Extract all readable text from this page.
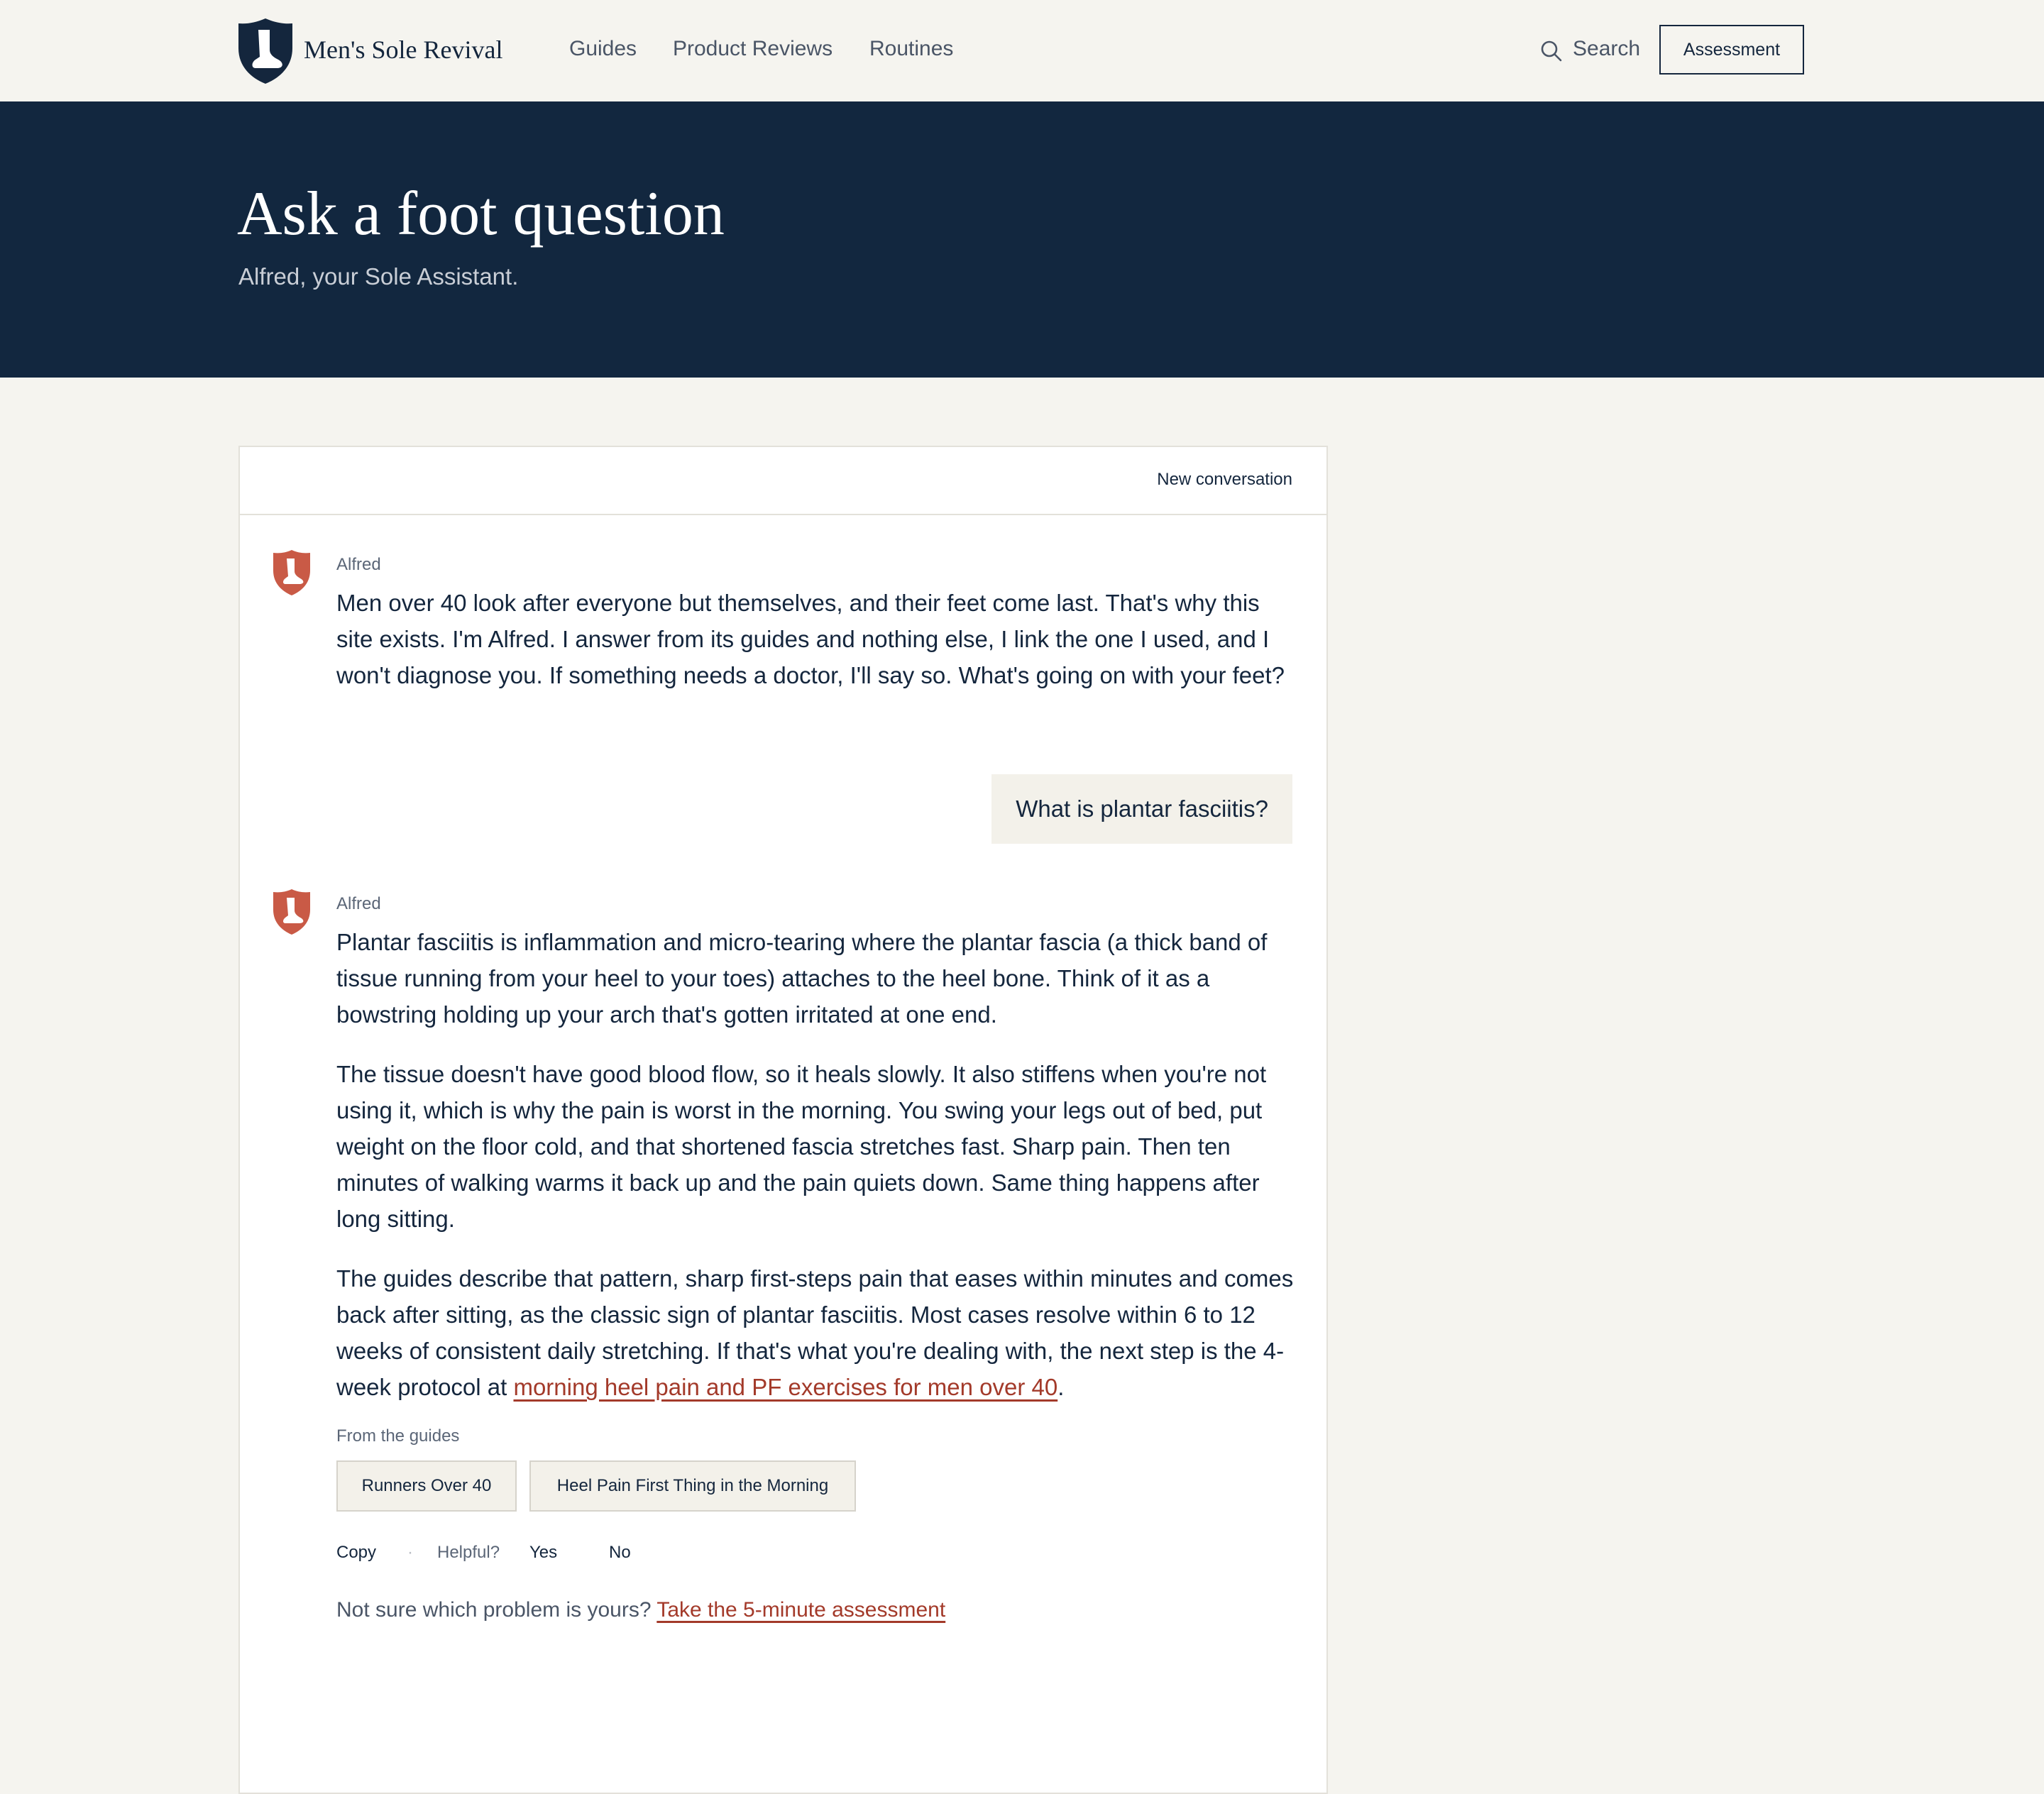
Men's Sole Revival	Guides Product Reviews Routines	Search	Assessment
Ask a foot question
Alfred, your Sole Assistant.
New conversation
Alfred

Men over 40 look after everyone but themselves, and their feet come last. That's why this site exists. I'm Alfred. I answer from its guides and nothing else, I link the one I used, and I won't diagnose you. If something needs a doctor, I'll say so. What's going on with your feet?

What is plantar fasciitis?
Alfred

Plantar fasciitis is inflammation and micro-tearing where the plantar fascia (a thick band of tissue running from your heel to your toes) attaches to the heel bone. Think of it as a bowstring holding up your arch that's gotten irritated at one end.

The tissue doesn't have good blood flow, so it heals slowly. It also stiffens when you're not using it, which is why the pain is worst in the morning. You swing your legs out of bed, put weight on the floor cold, and that shortened fascia stretches fast. Sharp pain. Then ten minutes of walking warms it back up and the pain quiets down. Same thing happens after long sitting.

The guides describe that pattern, sharp first-steps pain that eases within minutes and comes back after sitting, as the classic sign of plantar fasciitis. Most cases resolve within 6 to 12 weeks of consistent daily stretching. If that's what you're dealing with, the next step is the 4-week protocol at morning heel pain and PF exercises for men over 40.

From the guides
Runners Over 40	Heel Pain First Thing in the Morning
Copy · Helpful? Yes	No
Not sure which problem is yours? Take the 5-minute assessment
